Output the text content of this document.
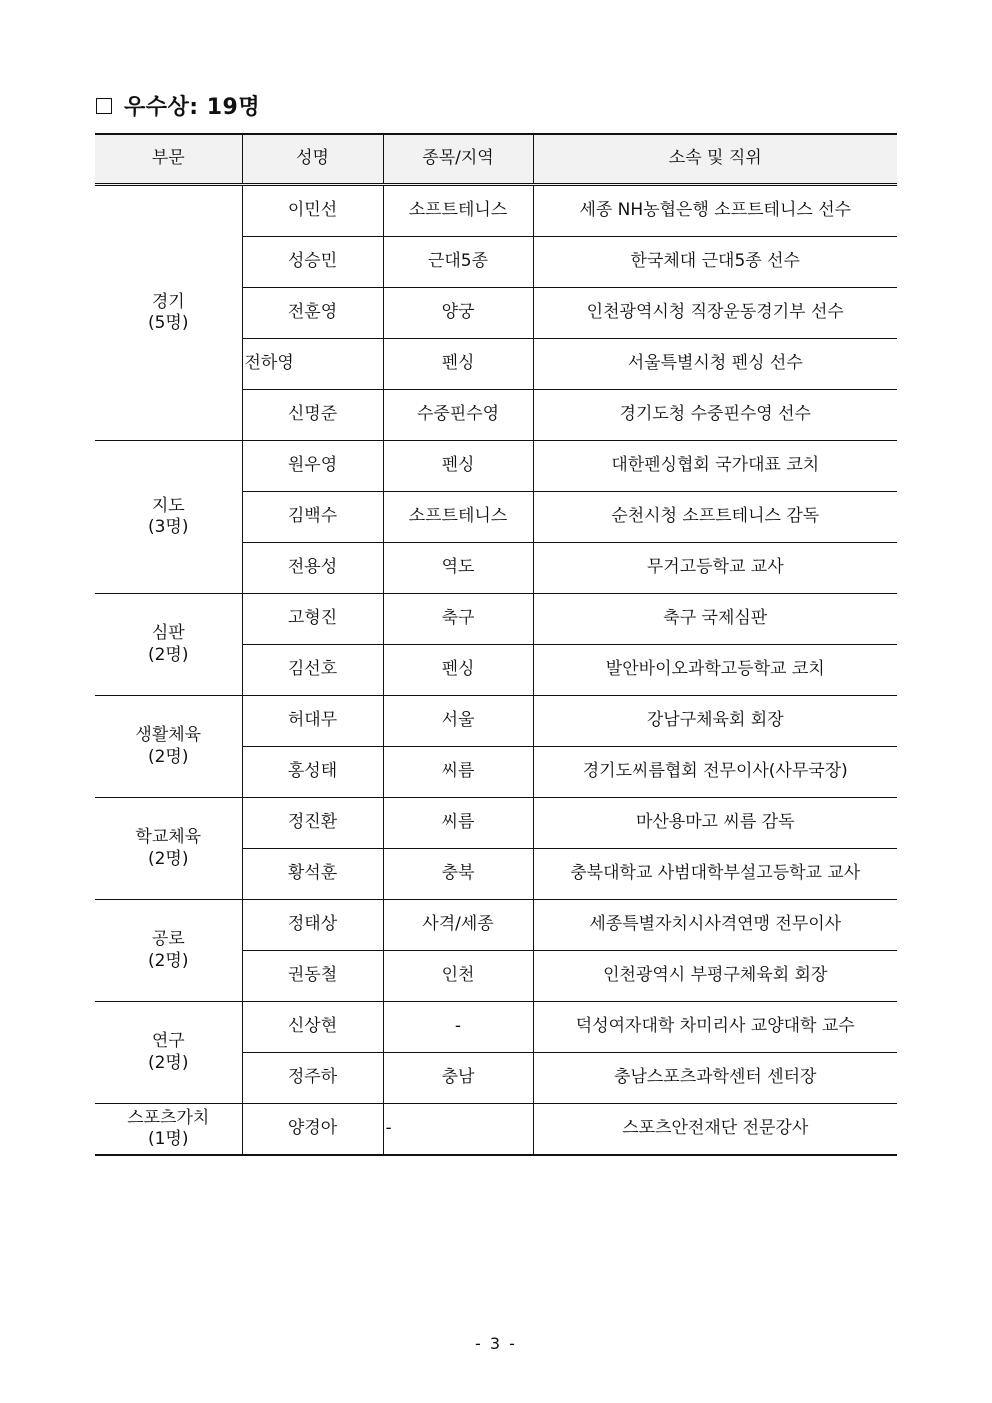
우수상: 19명
부문	성명	종목/지역	소속 및 직위

경기
(5명)	이민선	소프트테니스	세종 NH농협은행 소프트테니스 선수
	성승민	근대5종	한국체대 근대5종 선수
	전훈영	양궁	인천광역시청 직장운동경기부 선수
	전하영	펜싱	서울특별시청 펜싱 선수
	신명준	수중핀수영	경기도청 수중핀수영 선수

지도
(3명)	원우영	펜싱	대한펜싱협회 국가대표 코치
	김백수	소프트테니스	순천시청 소프트테니스 감독
	전용성	역도	무거고등학교 교사

심판
(2명)	고형진	축구	축구 국제심판
	김선호	펜싱	발안바이오과학고등학교 코치

생활체육
(2명)	허대무	서울	강남구체육회 회장
	홍성태	씨름	경기도씨름협회 전무이사(사무국장)

학교체육
(2명)	정진환	씨름	마산용마고 씨름 감독
	황석훈	충북	충북대학교 사범대학부설고등학교 교사

공로
(2명)	정태상	사격/세종	세종특별자치시사격연맹 전무이사
	권동철	인천	인천광역시 부평구체육회 회장

연구
(2명)	신상현	-	덕성여자대학 차미리사 교양대학 교수
	정주하	충남	충남스포츠과학센터 센터장

스포츠가치
(1명)	양경아	-	스포츠안전재단 전문강사
- 3 -
